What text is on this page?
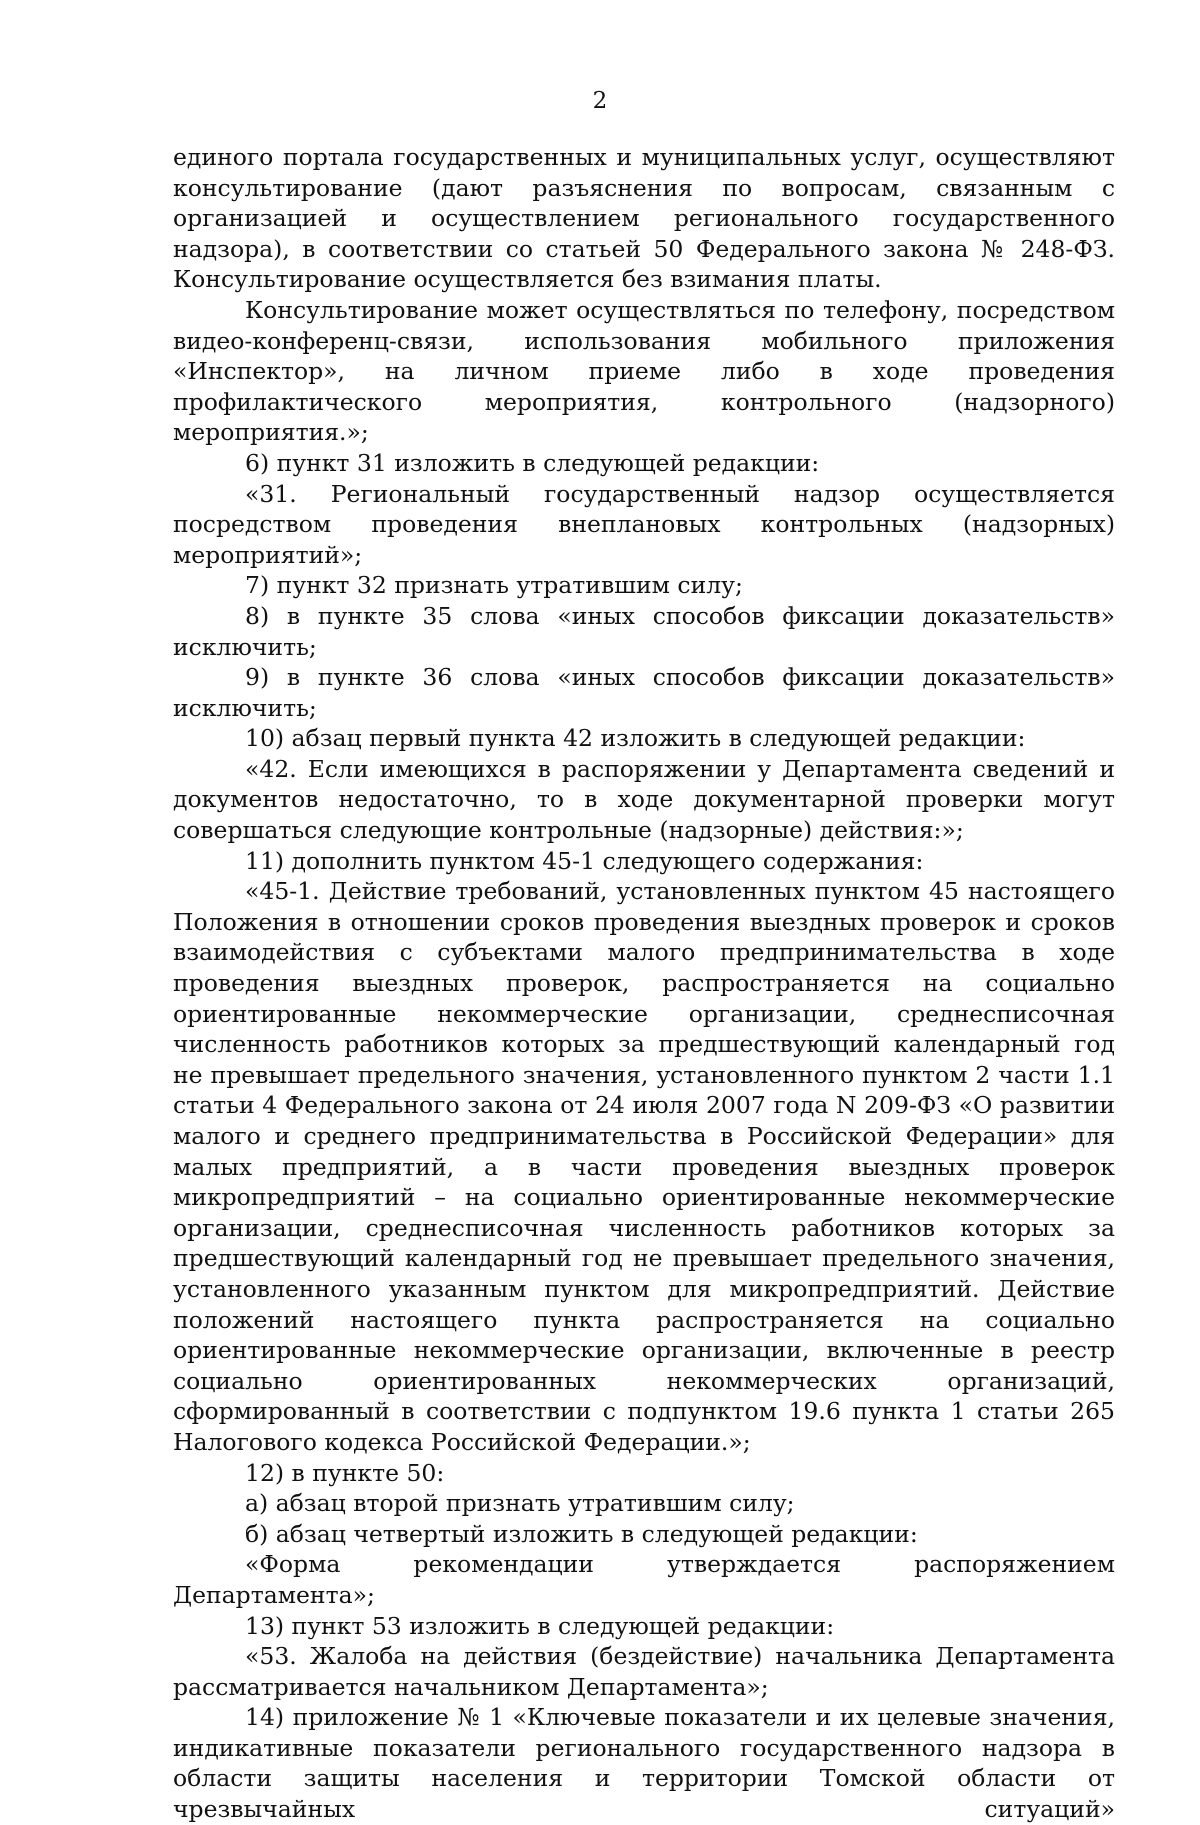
2

единого портала государственных и муниципальных услуг, осуществляют консультирование (дают разъяснения по вопросам, связанным с организацией и осуществлением регионального государственного надзора), в соответствии со статьей 50 Федерального закона № 248-ФЗ. Консультирование осуществляется без взимания платы.

Консультирование может осуществляться по телефону, посредством видео-конференц-связи, использования мобильного приложения «Инспектор», на личном приеме либо в ходе проведения профилактического мероприятия, контрольного (надзорного) мероприятия.»;

6) пункт 31 изложить в следующей редакции:

«31. Региональный государственный надзор осуществляется посредством проведения внеплановых контрольных (надзорных) мероприятий»;

7) пункт 32 признать утратившим силу;

8) в пункте 35 слова «иных способов фиксации доказательств» исключить;

9) в пункте 36 слова «иных способов фиксации доказательств» исключить;

10) абзац первый пункта 42 изложить в следующей редакции:

«42. Если имеющихся в распоряжении у Департамента сведений и документов недостаточно, то в ходе документарной проверки могут совершаться следующие контрольные (надзорные) действия:»;

11) дополнить пунктом 45-1 следующего содержания:

«45-1. Действие требований, установленных пунктом 45 настоящего Положения в отношении сроков проведения выездных проверок и сроков взаимодействия с субъектами малого предпринимательства в ходе проведения выездных проверок, распространяется на социально ориентированные некоммерческие организации, среднесписочная численность работников которых за предшествующий календарный год не превышает предельного значения, установленного пунктом 2 части 1.1 статьи 4 Федерального закона от 24 июля 2007 года N 209-ФЗ «О развитии малого и среднего предпринимательства в Российской Федерации» для малых предприятий, а в части проведения выездных проверок микропредприятий – на социально ориентированные некоммерческие организации, среднесписочная численность работников которых за предшествующий календарный год не превышает предельного значения, установленного указанным пунктом для микропредприятий. Действие положений настоящего пункта распространяется на социально ориентированные некоммерческие организации, включенные в реестр социально ориентированных некоммерческих организаций, сформированный в соответствии с подпунктом 19.6 пункта 1 статьи 265 Налогового кодекса Российской Федерации.»;

12) в пункте 50:

а) абзац второй признать утратившим силу;

б) абзац четвертый изложить в следующей редакции:

«Форма рекомендации утверждается распоряжением Департамента»;

13) пункт 53 изложить в следующей редакции:

«53. Жалоба на действия (бездействие) начальника Департамента рассматривается начальником Департамента»;

14) приложение № 1 «Ключевые показатели и их целевые значения, индикативные показатели регионального государственного надзора в области защиты населения и территории Томской области от чрезвычайных ситуаций»
